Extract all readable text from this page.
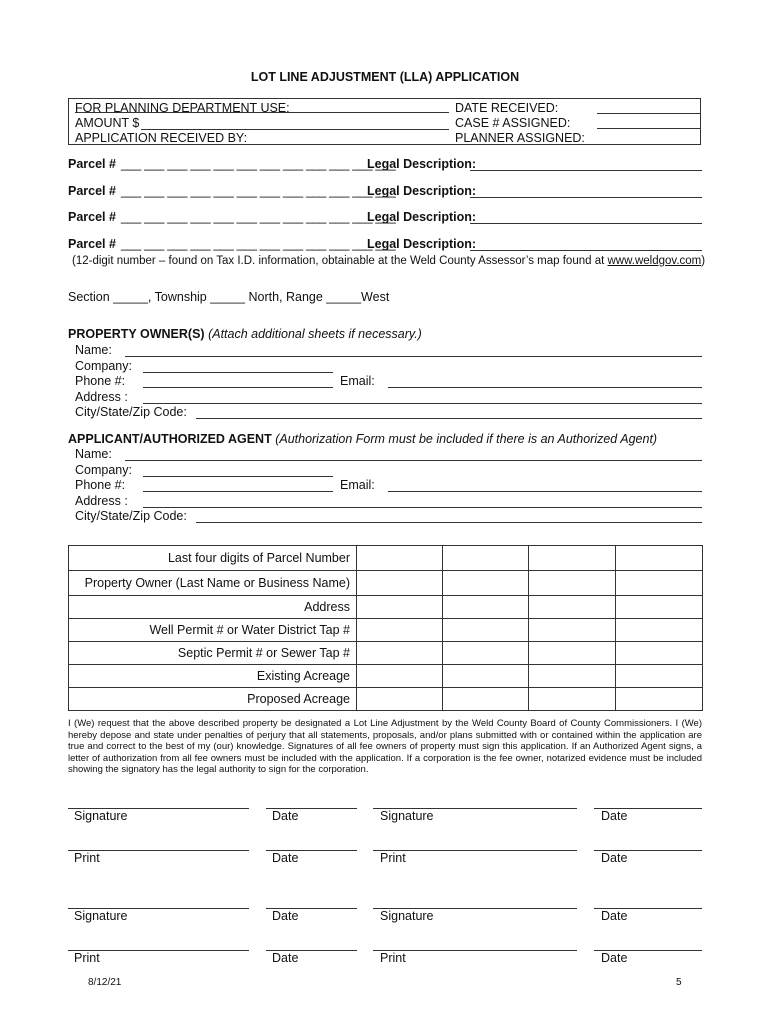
LOT LINE ADJUSTMENT (LLA) APPLICATION
FOR PLANNING DEPARTMENT USE:
AMOUNT $
APPLICATION RECEIVED BY:
DATE RECEIVED:
CASE # ASSIGNED:
PLANNER ASSIGNED:
Parcel # ___ ___ ___ ___ ___ ___ ___ ___ ___ ___ ___ ___
Legal Description:
Parcel # ___ ___ ___ ___ ___ ___ ___ ___ ___ ___ ___ ___
Legal Description:
Parcel # ___ ___ ___ ___ ___ ___ ___ ___ ___ ___ ___ ___
Legal Description:
Parcel # ___ ___ ___ ___ ___ ___ ___ ___ ___ ___ ___ ___
Legal Description:
(12-digit number – found on Tax I.D. information, obtainable at the Weld County Assessor’s map found at www.weldgov.com)
Section _____, Township _____ North, Range _____West
PROPERTY OWNER(S) (Attach additional sheets if necessary.)
Name:
Company:
Phone #:	Email:
Address :
City/State/Zip Code:
APPLICANT/AUTHORIZED AGENT (Authorization Form must be included if there is an Authorized Agent)
Name:
Company:
Phone #:	Email:
Address :
City/State/Zip Code:
Last four digits of Parcel Number				
Property Owner (Last Name or Business Name)				
Address				
Well Permit # or Water District Tap #				
Septic Permit # or Sewer Tap #				
Existing Acreage				
Proposed Acreage				
I (We) request that the above described property be designated a Lot Line Adjustment by the Weld County Board of County Commissioners. I (We) hereby depose and state under penalties of perjury that all statements, proposals, and/or plans submitted with or contained within the application are true and correct to the best of my (our) knowledge. Signatures of all fee owners of property must sign this application. If an Authorized Agent signs, a letter of authorization from all fee owners must be included with the application. If a corporation is the fee owner, notarized evidence must be included showing the signatory has the legal authority to sign for the corporation.
Signature	Date	Signature	Date
Print	Date	Print	Date
Signature	Date	Signature	Date
Print	Date	Print	Date
8/12/21	5
